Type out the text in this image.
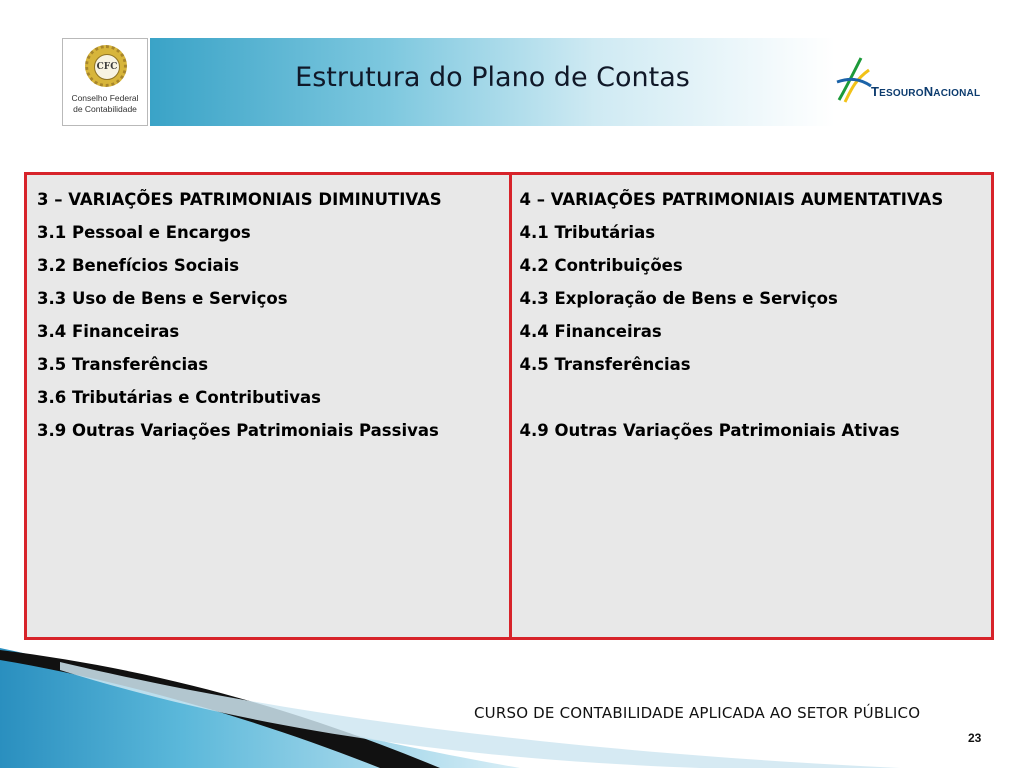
Estrutura do Plano de Contas
CFC
Conselho Federal
de Contabilidade
TESOURONACIONAL
3 – VARIAÇÕES PATRIMONIAIS DIMINUTIVAS
3.1 Pessoal e Encargos
3.2 Benefícios Sociais
3.3 Uso de Bens e Serviços
3.4 Financeiras
3.5 Transferências
3.6 Tributárias e Contributivas
3.9 Outras Variações Patrimoniais Passivas
4 – VARIAÇÕES PATRIMONIAIS AUMENTATIVAS
4.1 Tributárias
4.2 Contribuições
4.3 Exploração de Bens e Serviços
4.4 Financeiras
4.5 Transferências
4.9 Outras Variações Patrimoniais Ativas
CURSO DE CONTABILIDADE APLICADA AO SETOR PÚBLICO
23
